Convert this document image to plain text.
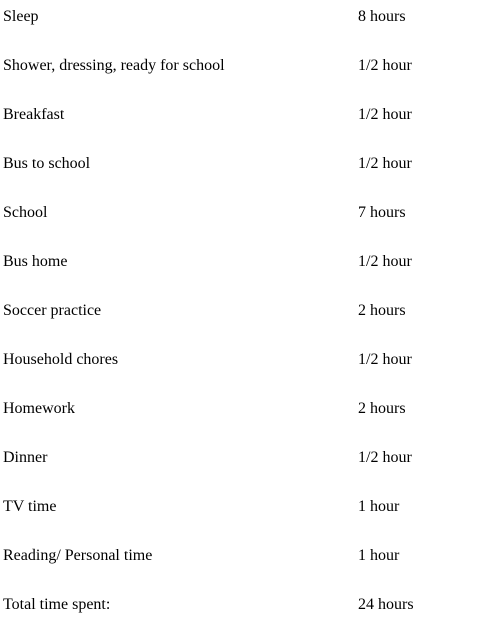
Sleep	8 hours
Shower, dressing, ready for school	1/2 hour
Breakfast	1/2 hour
Bus to school	1/2 hour
School	7 hours
Bus home	1/2 hour
Soccer practice	2 hours
Household chores	1/2 hour
Homework	2 hours
Dinner	1/2 hour
TV time	1 hour
Reading/ Personal time	1 hour
Total time spent:	24 hours
